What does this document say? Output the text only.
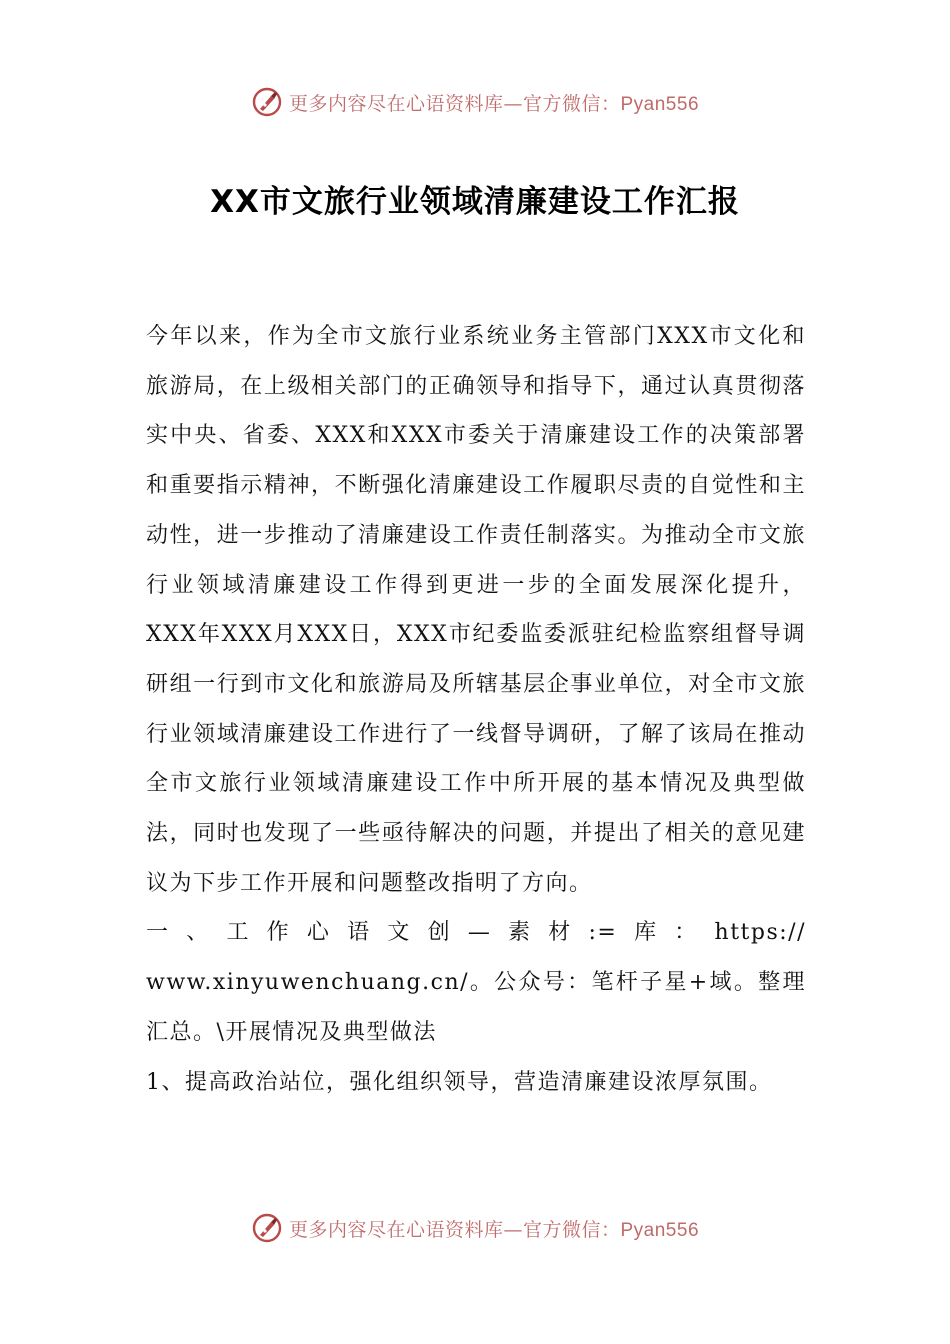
更多内容尽在心语资料库—官方微信：Pyan556
XX市文旅行业领域清廉建设工作汇报

今年以来，作为全市文旅行业系统业务主管部门XXX市文化和旅游局，在上级相关部门的正确领导和指导下，通过认真贯彻落实中央、省委、XXX和XXX市委关于清廉建设工作的决策部署和重要指示精神，不断强化清廉建设工作履职尽责的自觉性和主动性，进一步推动了清廉建设工作责任制落实。为推动全市文旅行业领域清廉建设工作得到更进一步的全面发展深化提升，XXX年XXX月XXX日，XXX市纪委监委派驻纪检监察组督导调研组一行到市文化和旅游局及所辖基层企事业单位，对全市文旅行业领域清廉建设工作进行了一线督导调研，了解了该局在推动全市文旅行业领域清廉建设工作中所开展的基本情况及典型做法，同时也发现了一些亟待解决的问题，并提出了相关的意见建议为下步工作开展和问题整改指明了方向。

一、工作心语文创—素材:=库：https://

www.xinyuwenchuang.cn/。公众号：笔杆子星+域。整理汇总。\开展情况及典型做法

1、提高政治站位，强化组织领导，营造清廉建设浓厚氛围。

更多内容尽在心语资料库—官方微信：Pyan556
